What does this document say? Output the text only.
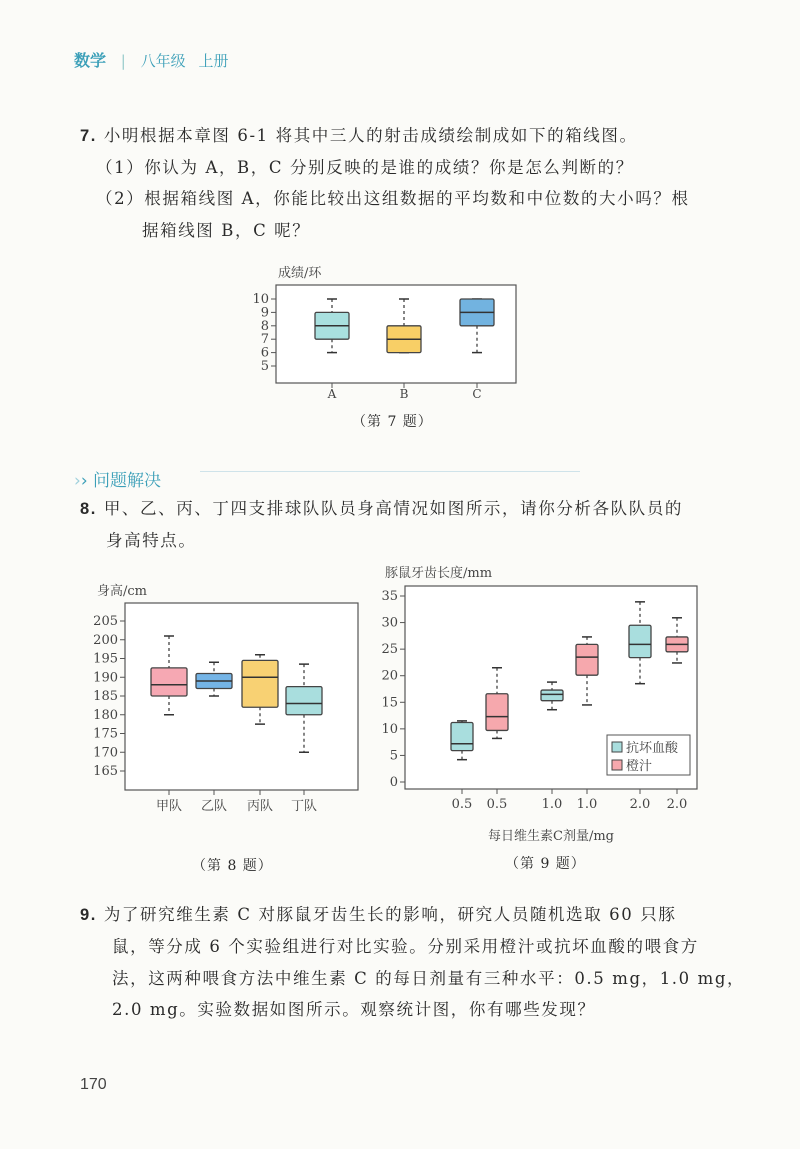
数学 | 八年级 上册
7. 小明根据本章图 6-1 将其中三人的射击成绩绘制成如下的箱线图。
（1）你认为 A，B，C 分别反映的是谁的成绩？你是怎么判断的？
（2）根据箱线图 A，你能比较出这组数据的平均数和中位数的大小吗？根
据箱线图 B，C 呢？
（第 7 题）
›› 问题解决
8. 甲、乙、丙、丁四支排球队队员身高情况如图所示，请你分析各队队员的
身高特点。
（第 8 题）	（第 9 题）
9. 为了研究维生素 C 对豚鼠牙齿生长的影响，研究人员随机选取 60 只豚
鼠，等分成 6 个实验组进行对比实验。分别采用橙汁或抗坏血酸的喂食方
法，这两种喂食方法中维生素 C 的每日剂量有三种水平：0.5 mg，1.0 mg，
2.0 mg。实验数据如图所示。观察统计图，你有哪些发现？
170
成绩/环
5
6
7
8
9
10
A	B	C
身高/cm
165
170
175
180
185
190
195
200
205
甲队 乙队 丙队 丁队
豚鼠牙齿长度/mm
每日维生素C剂量/mg
0
5
10
15
20
25
30
35
0.5 0.5	1.0 1.0 2.0 2.0
抗坏血酸
橙汁
